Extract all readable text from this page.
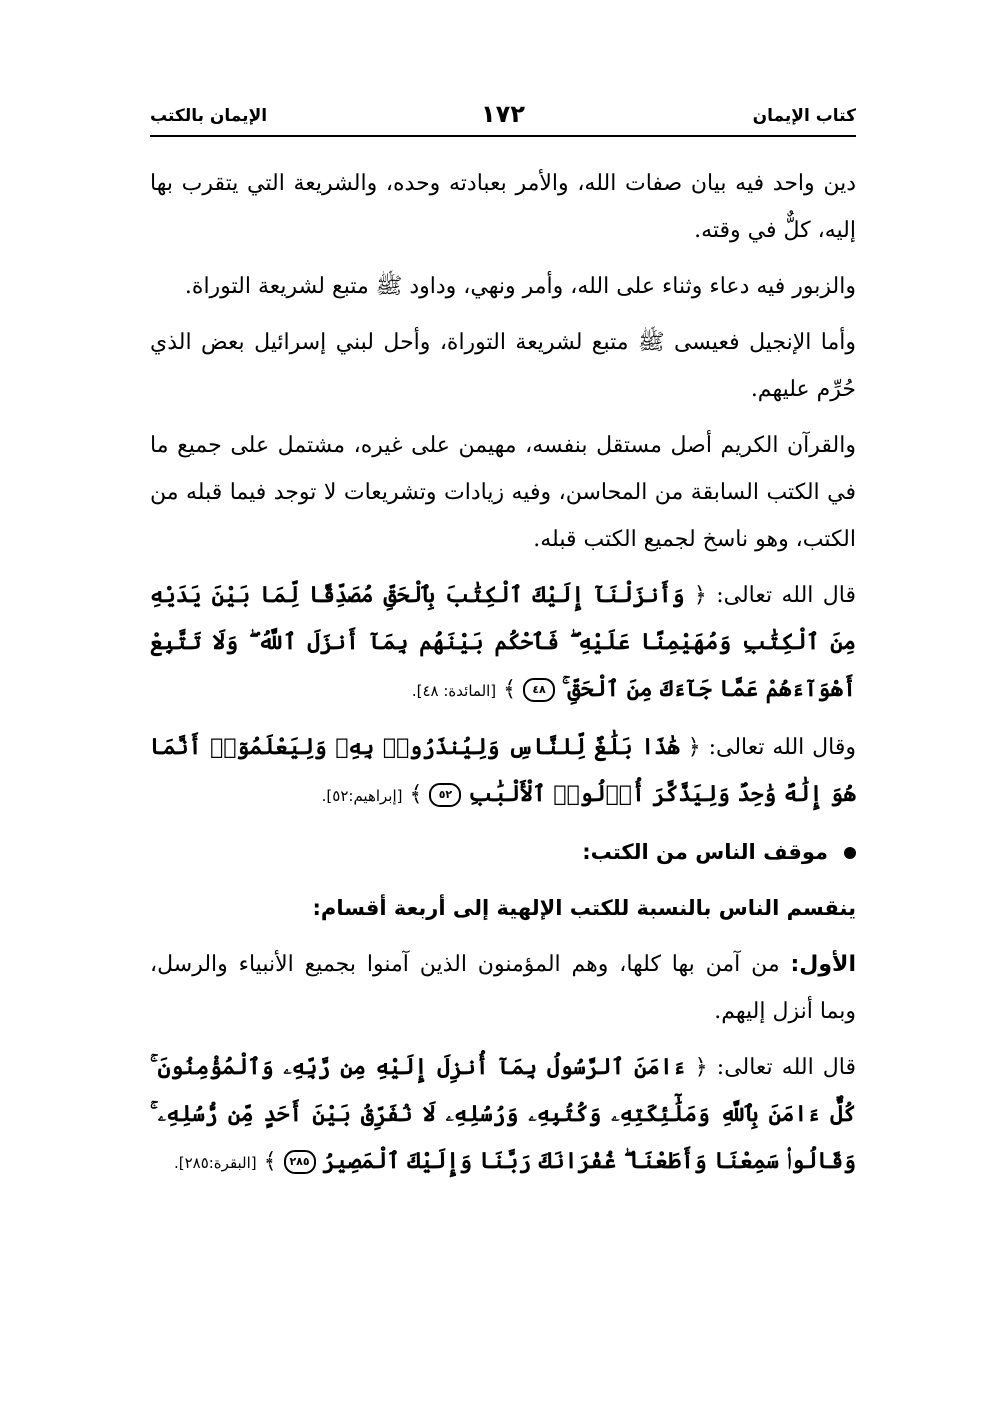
كتاب الإيمان
١٧٢
الإيمان بالكتب

دين واحد فيه بيان صفات الله، والأمر بعبادته وحده، والشريعة التي يتقرب بها إليه، كلٌّ في وقته.

والزبور فيه دعاء وثناء على الله، وأمر ونهي، وداود ﷺ متبع لشريعة التوراة.

وأما الإنجيل فعيسى ﷺ متبع لشريعة التوراة، وأحل لبني إسرائيل بعض الذي حُرِّم عليهم.

والقرآن الكريم أصل مستقل بنفسه، مهيمن على غيره، مشتمل على جميع ما في الكتب السابقة من المحاسن، وفيه زيادات وتشريعات لا توجد فيما قبله من الكتب، وهو ناسخ لجميع الكتب قبله.

قال الله تعالى: ﴿ وَأَنزَلْنَآ إِلَيْكَ ٱلْكِتَٰبَ بِٱلْحَقِّ مُصَدِّقًا لِّمَا بَيْنَ يَدَيْهِ مِنَ ٱلْكِتَٰبِ وَمُهَيْمِنًا عَلَيْهِ ۖ فَٱحْكُم بَيْنَهُم بِمَآ أَنزَلَ ٱللَّهُ ۖ وَلَا تَتَّبِعْ أَهْوَآءَهُمْ عَمَّا جَآءَكَ مِنَ ٱلْحَقِّ ۚ ٤٨ ﴾ [المائدة: ٤٨].

وقال الله تعالى: ﴿ هَٰذَا بَلَٰغٌ لِّلنَّاسِ وَلِيُنذَرُوا۟ بِهِۦ وَلِيَعْلَمُوٓا۟ أَنَّمَا هُوَ إِلَٰهٌ وَٰحِدٌ وَلِيَذَّكَّرَ أُو۟لُوا۟ ٱلْأَلْبَٰبِ ٥٢ ﴾ [إبراهيم:٥٢].

موقف الناس من الكتب:

ينقسم الناس بالنسبة للكتب الإلهية إلى أربعة أقسام:

الأول: من آمن بها كلها، وهم المؤمنون الذين آمنوا بجميع الأنبياء والرسل، وبما أنزل إليهم.

قال الله تعالى: ﴿ ءَامَنَ ٱلرَّسُولُ بِمَآ أُنزِلَ إِلَيْهِ مِن رَّبِّهِۦ وَٱلْمُؤْمِنُونَ ۚ كُلٌّ ءَامَنَ بِٱللَّهِ وَمَلَٰٓئِكَتِهِۦ وَكُتُبِهِۦ وَرُسُلِهِۦ لَا نُفَرِّقُ بَيْنَ أَحَدٍ مِّن رُّسُلِهِۦ ۚ وَقَالُوا۟ سَمِعْنَا وَأَطَعْنَا ۖ غُفْرَانَكَ رَبَّنَا وَإِلَيْكَ ٱلْمَصِيرُ ٢٨٥ ﴾ [البقرة:٢٨٥].
